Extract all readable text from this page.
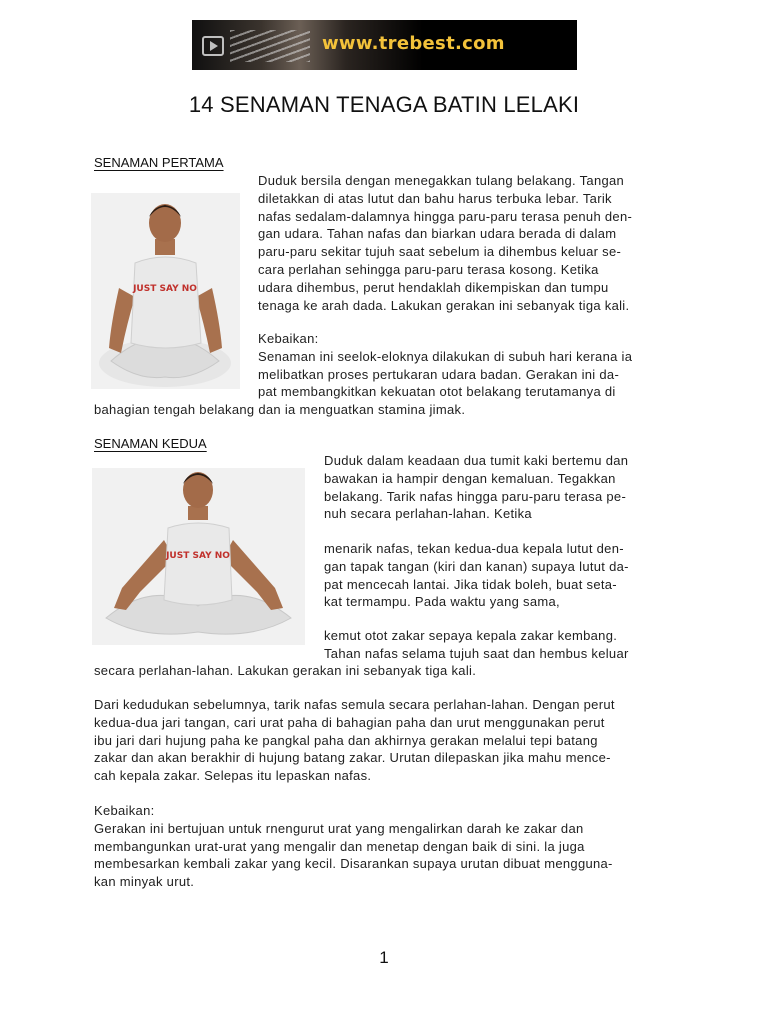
www.trebest.com
14 SENAMAN TENAGA BATIN LELAKI
SENAMAN PERTAMA
JUST SAY NO
Duduk bersila dengan menegakkan tulang belakang. Tangan
diletakkan di atas lutut dan bahu harus terbuka lebar. Tarik
nafas sedalam-dalamnya hingga paru-paru terasa penuh den-
gan udara. Tahan nafas dan biarkan udara berada di dalam
paru-paru sekitar tujuh saat sebelum ia dihembus keluar se-
cara perlahan sehingga paru-paru terasa kosong. Ketika
udara dihembus, perut hendaklah dikempiskan dan tumpu
tenaga ke arah dada. Lakukan gerakan ini sebanyak tiga kali.
Kebaikan:
Senaman ini seelok-eloknya dilakukan di subuh hari kerana ia
melibatkan proses pertukaran udara badan. Gerakan ini da-
pat membangkitkan kekuatan otot belakang terutamanya di
bahagian tengah belakang dan ia menguatkan stamina jimak.
SENAMAN KEDUA
JUST SAY NO
Duduk dalam keadaan dua tumit kaki bertemu dan
bawakan ia hampir dengan kemaluan. Tegakkan
belakang. Tarik nafas hingga paru-paru terasa pe-
nuh secara perlahan-lahan. Ketika
menarik nafas, tekan kedua-dua kepala lutut den-
gan tapak tangan (kiri dan kanan) supaya lutut da-
pat mencecah lantai. Jika tidak boleh, buat seta-
kat termampu. Pada waktu yang sama,
kemut otot zakar sepaya kepala zakar kembang.
Tahan nafas selama tujuh saat dan hembus keluar
secara perlahan-lahan. Lakukan gerakan ini sebanyak tiga kali.
Dari kedudukan sebelumnya, tarik nafas semula secara perlahan-lahan. Dengan perut
kedua-dua jari tangan, cari urat paha di bahagian paha dan urut menggunakan perut
ibu jari dari hujung paha ke pangkal paha dan akhirnya gerakan melalui tepi batang
zakar dan akan berakhir di hujung batang zakar. Urutan dilepaskan jika mahu mence-
cah kepala zakar. Selepas itu lepaskan nafas.
Kebaikan:
Gerakan ini bertujuan untuk rnengurut urat yang mengalirkan darah ke zakar dan
membangunkan urat-urat yang mengalir dan menetap dengan baik di sini. la juga
membesarkan kembali zakar yang kecil. Disarankan supaya urutan dibuat mengguna-
kan minyak urut.
1
